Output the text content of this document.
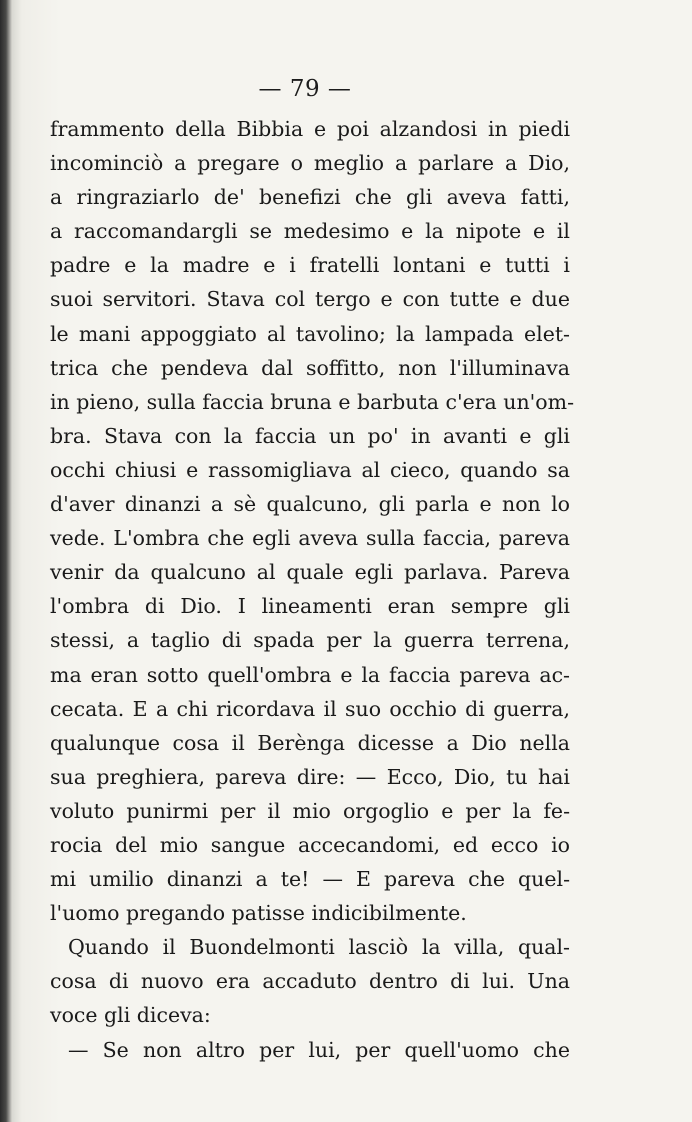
— 79 —
frammento della Bibbia e poi alzandosi in piedi
incominciò a pregare o meglio a parlare a Dio,
a ringraziarlo de' benefizi che gli aveva fatti,
a raccomandargli se medesimo e la nipote e il
padre e la madre e i fratelli lontani e tutti i
suoi servitori. Stava col tergo e con tutte e due
le mani appoggiato al tavolino; la lampada elet-
trica che pendeva dal soffitto, non l'illuminava
in pieno, sulla faccia bruna e barbuta c'era un'om-
bra. Stava con la faccia un po' in avanti e gli
occhi chiusi e rassomigliava al cieco, quando sa
d'aver dinanzi a sè qualcuno, gli parla e non lo
vede. L'ombra che egli aveva sulla faccia, pareva
venir da qualcuno al quale egli parlava. Pareva
l'ombra di Dio. I lineamenti eran sempre gli
stessi, a taglio di spada per la guerra terrena,
ma eran sotto quell'ombra e la faccia pareva ac-
cecata. E a chi ricordava il suo occhio di guerra,
qualunque cosa il Berènga dicesse a Dio nella
sua preghiera, pareva dire: — Ecco, Dio, tu hai
voluto punirmi per il mio orgoglio e per la fe-
rocia del mio sangue accecandomi, ed ecco io
mi umilio dinanzi a te! — E pareva che quel-
l'uomo pregando patisse indicibilmente.
Quando il Buondelmonti lasciò la villa, qual-
cosa di nuovo era accaduto dentro di lui. Una
voce gli diceva:
— Se non altro per lui, per quell'uomo che
